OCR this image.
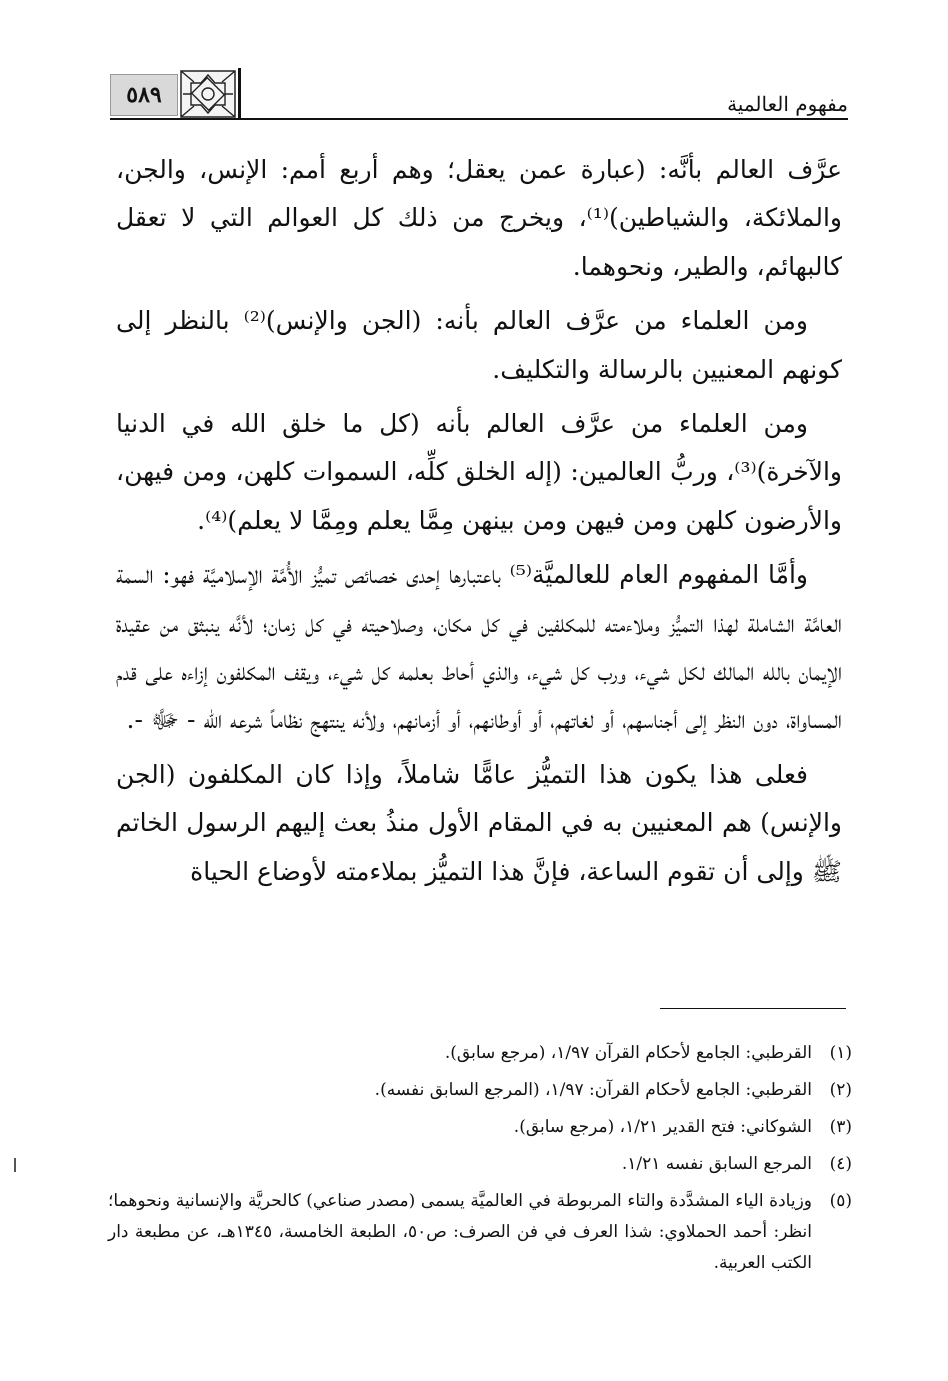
٥٨٩	مفهوم العالمية

عرَّف العالم بأنَّه: (عبارة عمن يعقل؛ وهم أربع أمم: الإنس، والجن، والملائكة، والشياطين)⁽¹⁾، ويخرج من ذلك كل العوالم التي لا تعقل كالبهائم، والطير، ونحوهما.

ومن العلماء من عرَّف العالم بأنه: (الجن والإنس)⁽²⁾ بالنظر إلى كونهم المعنيين بالرسالة والتكليف.

ومن العلماء من عرَّف العالم بأنه (كل ما خلق الله في الدنيا والآخرة)⁽³⁾، وربُّ العالمين: (إله الخلق كلِّه، السموات كلهن، ومن فيهن، والأرضون كلهن ومن فيهن ومن بينهن مِمَّا يعلم ومِمَّا لا يعلم)⁽⁴⁾.

وأمَّا المفهوم العام للعالميَّة⁽⁵⁾ باعتبارها إحدى خصائص تميُّز الأُمَّة الإسلاميَّة فهو: السمة العامَّة الشاملة لهذا التميُّز وملاءمته للمكلفين في كل مكان، وصلاحيته في كل زمان؛ لأنَّه ينبثق من عقيدة الإيمان بالله المالك لكل شيء، ورب كل شيء، والذي أحاط بعلمه كل شيء، ويقف المكلفون إزاءه على قدم المساواة، دون النظر إلى أجناسهم، أو لغاتهم، أو أوطانهم، أو أزمانهم، ولأنه ينتهج نظاماً شرعه الله - ﷻ -.

فعلى هذا يكون هذا التميُّز عامًّا شاملاً، وإذا كان المكلفون (الجن والإنس) هم المعنيين به في المقام الأول منذُ بعث إليهم الرسول الخاتم ﷺ وإلى أن تقوم الساعة، فإنَّ هذا التميُّز بملاءمته لأوضاع الحياة

(١)
القرطبي: الجامع لأحكام القرآن ١/٩٧، (مرجع سابق).
(٢)
القرطبي: الجامع لأحكام القرآن: ١/٩٧، (المرجع السابق نفسه).
(٣)
الشوكاني: فتح القدير ١/٢١، (مرجع سابق).
(٤)
المرجع السابق نفسه ١/٢١.
(٥)
وزيادة الياء المشدَّدة والتاء المربوطة في العالميَّة يسمى (مصدر صناعي) كالحريَّة والإنسانية ونحوهما؛ انظر: أحمد الحملاوي: شذا العرف في فن الصرف: ص٥٠، الطبعة الخامسة، ١٣٤٥هـ، عن مطبعة دار الكتب العربية.
